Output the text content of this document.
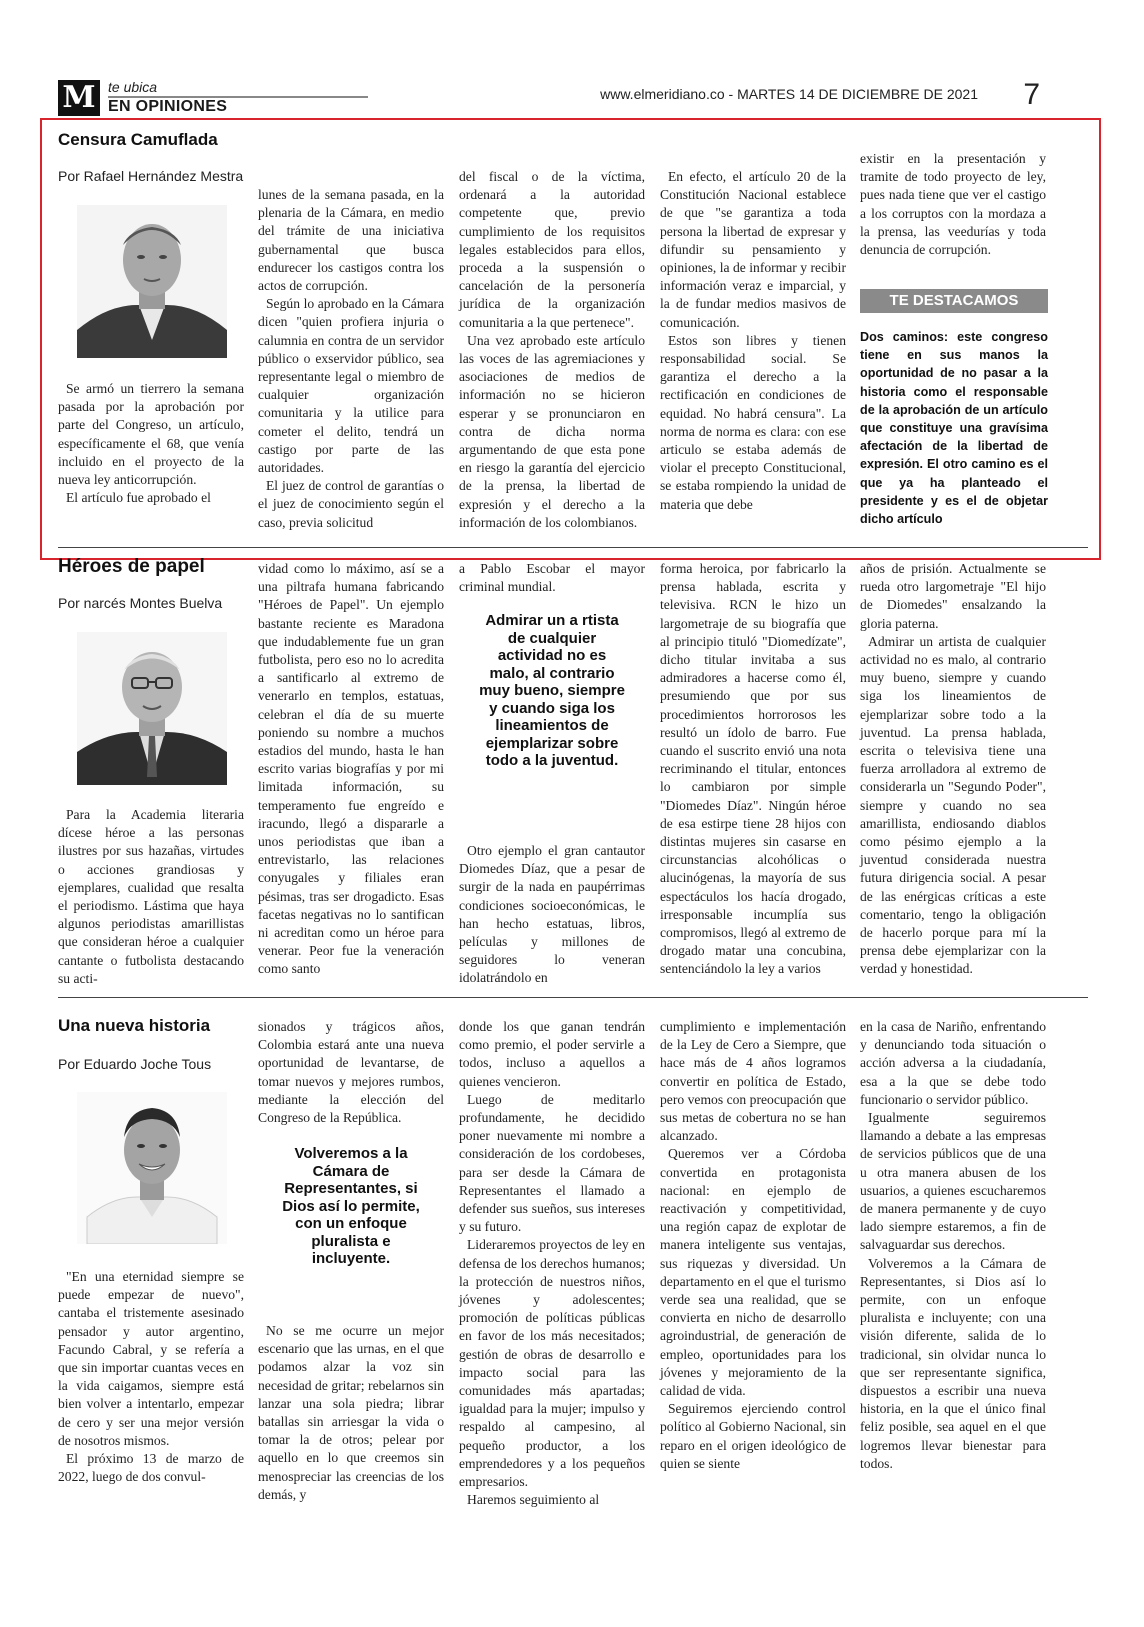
M te ubica
EN OPINIONES
www.elmeridiano.co - MARTES 14 DE DICIEMBRE DE 2021 7
Censura Camuflada
Por Rafael Hernández Mestra

Se armó un tierrero la semana pasada por la aprobación por parte del Congreso, un artículo, específicamente el 68, que venía incluido en el proyecto de la nueva ley anticorrupción.

El artículo fue aprobado el

lunes de la semana pasada, en la plenaria de la Cámara, en medio del trámite de una iniciativa gubernamental que busca endurecer los castigos contra los actos de corrupción.

Según lo aprobado en la Cámara dicen "quien profiera injuria o calumnia en contra de un servidor público o exservidor público, sea representante legal o miembro de cualquier organización comunitaria y la utilice para cometer el delito, tendrá un castigo por parte de las autoridades.

El juez de control de garantías o el juez de conocimiento según el caso, previa solicitud

del fiscal o de la víctima, ordenará a la autoridad competente que, previo cumplimiento de los requisitos legales establecidos para ellos, proceda a la suspensión o cancelación de la personería jurídica de la organización comunitaria a la que pertenece".

Una vez aprobado este artículo las voces de las agremiaciones y asociaciones de medios de información no se hicieron esperar y se pronunciaron en contra de dicha norma argumentando de que esta pone en riesgo la garantía del ejercicio de la prensa, la libertad de expresión y el derecho a la información de los colombianos.

En efecto, el artículo 20 de la Constitución Nacional establece de que "se garantiza a toda persona la libertad de expresar y difundir su pensamiento y opiniones, la de informar y recibir información veraz e imparcial, y la de fundar medios masivos de comunicación.

Estos son libres y tienen responsabilidad social. Se garantiza el derecho a la rectificación en condiciones de equidad. No habrá censura". La norma de norma es clara: con ese articulo se estaba además de violar el precepto Constitucional, se estaba rompiendo la unidad de materia que debe

existir en la presentación y tramite de todo proyecto de ley, pues nada tiene que ver el castigo a los corruptos con la mordaza a la prensa, las veedurías y toda denuncia de corrupción.

TE DESTACAMOS
Dos caminos: este congreso tiene en sus manos la oportunidad de no pasar a la historia como el responsable de la aprobación de un artículo que constituye una gravísima afectación de la libertad de expresión. El otro camino es el que ya ha planteado el presidente y es el de objetar dicho artículo
Héroes de papel
Por narcés Montes Buelva

Para la Academia literaria dícese héroe a las personas ilustres por sus hazañas, virtudes o acciones grandiosas y ejemplares, cualidad que resalta el periodismo. Lástima que haya algunos periodistas amarillistas que consideran héroe a cualquier cantante o futbolista destacando su acti-

vidad como lo máximo, así se a una piltrafa humana fabricando "Héroes de Papel". Un ejemplo bastante reciente es Maradona que indudablemente fue un gran futbolista, pero eso no lo acredita a santificarlo al extremo de venerarlo en templos, estatuas, celebran el día de su muerte poniendo su nombre a muchos estadios del mundo, hasta le han escrito varias biografías y por mi limitada información, su temperamento fue engreído e iracundo, llegó a dispararle a unos periodistas que iban a entrevistarlo, las relaciones conyugales y filiales eran pésimas, tras ser drogadicto. Esas facetas negativas no lo santifican ni acreditan como un héroe para venerar. Peor fue la veneración como santo

a Pablo Escobar el mayor criminal mundial.

Admirar un a rtista de cualquier actividad no es malo, al contrario muy bueno, siempre y cuando siga los lineamientos de ejemplarizar sobre todo a la juventud.

Otro ejemplo el gran cantautor Diomedes Díaz, que a pesar de surgir de la nada en paupérrimas condiciones socioeconómicas, le han hecho estatuas, libros, películas y millones de seguidores lo veneran idolatrándolo en

forma heroica, por fabricarlo la prensa hablada, escrita y televisiva. RCN le hizo un largometraje de su biografía que al principio tituló "Diomedízate", dicho titular invitaba a sus admiradores a hacerse como él, presumiendo que por sus procedimientos horrorosos les resultó un ídolo de barro. Fue cuando el suscrito envió una nota recriminando el titular, entonces lo cambiaron por simple "Diomedes Díaz". Ningún héroe de esa estirpe tiene 28 hijos con distintas mujeres sin casarse en circunstancias alcohólicas o alucinógenas, la mayoría de sus espectáculos los hacía drogado, irresponsable incumplía sus compromisos, llegó al extremo de drogado matar una concubina, sentenciándolo la ley a varios

años de prisión. Actualmente se rueda otro largometraje "El hijo de Diomedes" ensalzando la gloria paterna.

Admirar un artista de cualquier actividad no es malo, al contrario muy bueno, siempre y cuando siga los lineamientos de ejemplarizar sobre todo a la juventud. La prensa hablada, escrita o televisiva tiene una fuerza arrolladora al extremo de considerarla un "Segundo Poder", siempre y cuando no sea amarillista, endiosando diablos como pésimo ejemplo a la juventud considerada nuestra futura dirigencia social. A pesar de las enérgicas críticas a este comentario, tengo la obligación de hacerlo porque para mí la prensa debe ejemplarizar con la verdad y honestidad.

Una nueva historia
Por Eduardo Joche Tous

"En una eternidad siempre se puede empezar de nuevo", cantaba el tristemente asesinado pensador y autor argentino, Facundo Cabral, y se refería a que sin importar cuantas veces en la vida caigamos, siempre está bien volver a intentarlo, empezar de cero y ser una mejor versión de nosotros mismos.

El próximo 13 de marzo de 2022, luego de dos convul-

sionados y trágicos años, Colombia estará ante una nueva oportunidad de levantarse, de tomar nuevos y mejores rumbos, mediante la elección del Congreso de la República.

Volveremos a la Cámara de Representantes, si Dios así lo permite, con un enfoque pluralista e incluyente.

No se me ocurre un mejor escenario que las urnas, en el que podamos alzar la voz sin necesidad de gritar; rebelarnos sin lanzar una sola piedra; librar batallas sin arriesgar la vida o tomar la de otros; pelear por aquello en lo que creemos sin menospreciar las creencias de los demás, y

donde los que ganan tendrán como premio, el poder servirle a todos, incluso a aquellos a quienes vencieron.

Luego de meditarlo profundamente, he decidido poner nuevamente mi nombre a consideración de los cordobeses, para ser desde la Cámara de Representantes el llamado a defender sus sueños, sus intereses y su futuro.

Lideraremos proyectos de ley en defensa de los derechos humanos; la protección de nuestros niños, jóvenes y adolescentes; promoción de políticas públicas en favor de los más necesitados; gestión de obras de desarrollo e impacto social para las comunidades más apartadas; igualdad para la mujer; impulso y respaldo al campesino, al pequeño productor, a los emprendedores y a los pequeños empresarios.

Haremos seguimiento al

cumplimiento e implementación de la Ley de Cero a Siempre, que hace más de 4 años logramos convertir en política de Estado, pero vemos con preocupación que sus metas de cobertura no se han alcanzado.

Queremos ver a Córdoba convertida en protagonista nacional: en ejemplo de reactivación y competitividad, una región capaz de explotar de manera inteligente sus ventajas, sus riquezas y diversidad. Un departamento en el que el turismo verde sea una realidad, que se convierta en nicho de desarrollo agroindustrial, de generación de empleo, oportunidades para los jóvenes y mejoramiento de la calidad de vida.

Seguiremos ejerciendo control político al Gobierno Nacional, sin reparo en el origen ideológico de quien se siente

en la casa de Nariño, enfrentando y denunciando toda situación o acción adversa a la ciudadanía, esa a la que se debe todo funcionario o servidor público.

Igualmente seguiremos llamando a debate a las empresas de servicios públicos que de una u otra manera abusen de los usuarios, a quienes escucharemos de manera permanente y de cuyo lado siempre estaremos, a fin de salvaguardar sus derechos.

Volveremos a la Cámara de Representantes, si Dios así lo permite, con un enfoque pluralista e incluyente; con una visión diferente, salida de lo tradicional, sin olvidar nunca lo que ser representante significa, dispuestos a escribir una nueva historia, en la que el único final feliz posible, sea aquel en el que logremos llevar bienestar para todos.
